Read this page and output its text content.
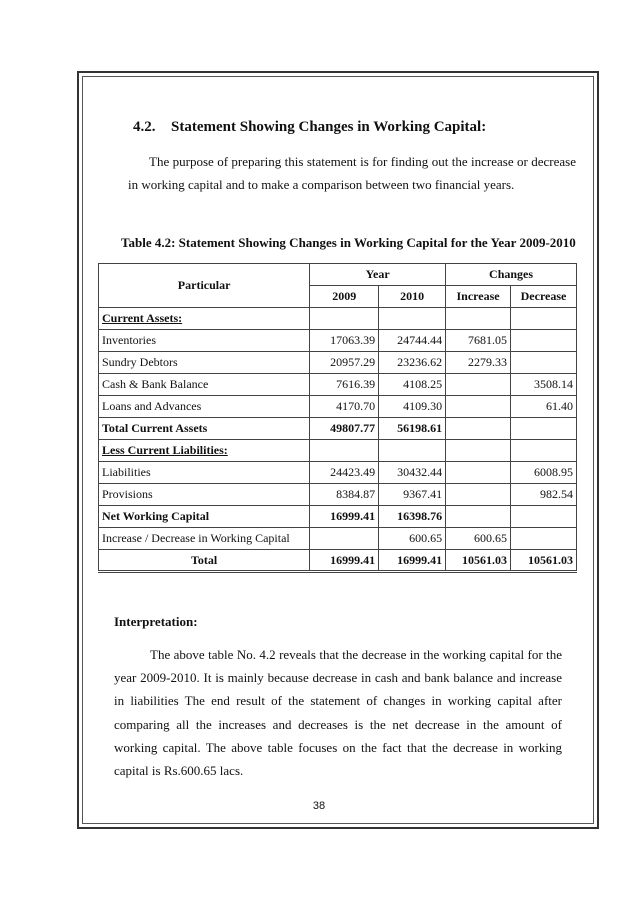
4.2. Statement Showing Changes in Working Capital:
The purpose of preparing this statement is for finding out the increase or decrease in working capital and to make a comparison between two financial years.
Table 4.2: Statement Showing Changes in Working Capital for the Year 2009-2010
Particular	Year		Changes	
	2009	2010	Increase	Decrease
Current Assets:				
Inventories	17063.39	24744.44	7681.05	
Sundry Debtors	20957.29	23236.62	2279.33	
Cash & Bank Balance	7616.39	4108.25		3508.14
Loans and Advances	4170.70	4109.30		61.40
Total Current Assets	49807.77	56198.61		
Less Current Liabilities:				
Liabilities	24423.49	30432.44		6008.95
Provisions	8384.87	9367.41		982.54
Net Working Capital	16999.41	16398.76		
Increase / Decrease in Working Capital		600.65	600.65	
Total	16999.41	16999.41	10561.03	10561.03
Interpretation:
The above table No. 4.2 reveals that the decrease in the working capital for the year 2009-2010. It is mainly because decrease in cash and bank balance and increase in liabilities The end result of the statement of changes in working capital after comparing all the increases and decreases is the net decrease in the amount of working capital. The above table focuses on the fact that the decrease in working capital is Rs.600.65 lacs.
38
